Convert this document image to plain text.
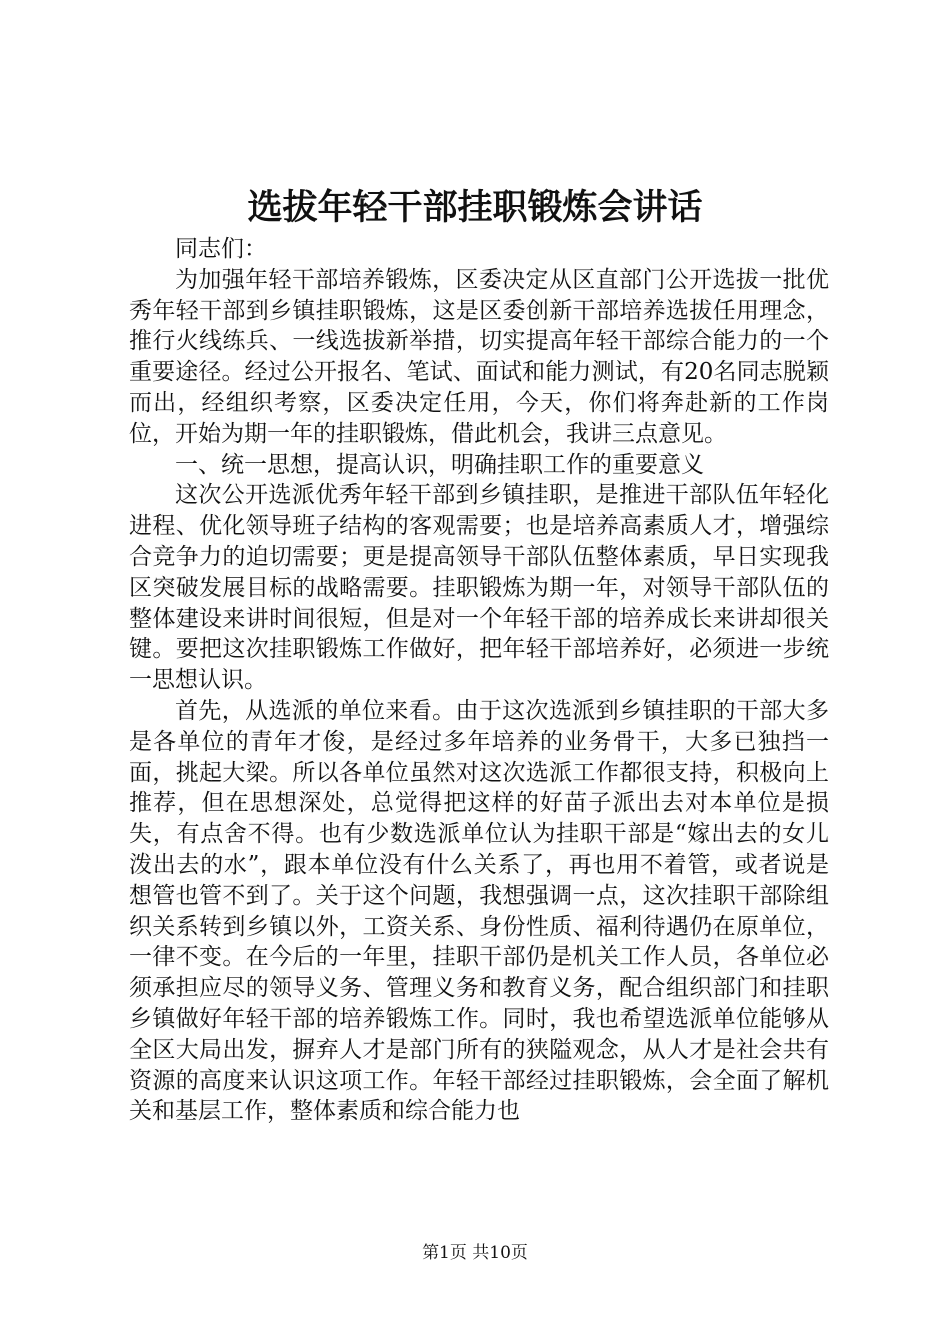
选拔年轻干部挂职锻炼会讲话

同志们：

为加强年轻干部培养锻炼，区委决定从区直部门公开选拔一批优秀年轻干部到乡镇挂职锻炼，这是区委创新干部培养选拔任用理念，推行火线练兵、一线选拔新举措，切实提高年轻干部综合能力的一个重要途径。经过公开报名、笔试、面试和能力测试，有20名同志脱颖而出，经组织考察，区委决定任用，今天，你们将奔赴新的工作岗位，开始为期一年的挂职锻炼，借此机会，我讲三点意见。

一、统一思想，提高认识，明确挂职工作的重要意义

这次公开选派优秀年轻干部到乡镇挂职，是推进干部队伍年轻化进程、优化领导班子结构的客观需要；也是培养高素质人才，增强综合竞争力的迫切需要；更是提高领导干部队伍整体素质，早日实现我区突破发展目标的战略需要。挂职锻炼为期一年，对领导干部队伍的整体建设来讲时间很短，但是对一个年轻干部的培养成长来讲却很关键。要把这次挂职锻炼工作做好，把年轻干部培养好，必须进一步统一思想认识。

首先，从选派的单位来看。由于这次选派到乡镇挂职的干部大多是各单位的青年才俊，是经过多年培养的业务骨干，大多已独挡一面，挑起大梁。所以各单位虽然对这次选派工作都很支持，积极向上推荐，但在思想深处，总觉得把这样的好苗子派出去对本单位是损失，有点舍不得。也有少数选派单位认为挂职干部是“嫁出去的女儿泼出去的水”，跟本单位没有什么关系了，再也用不着管，或者说是想管也管不到了。关于这个问题，我想强调一点，这次挂职干部除组织关系转到乡镇以外，工资关系、身份性质、福利待遇仍在原单位，一律不变。在今后的一年里，挂职干部仍是机关工作人员，各单位必须承担应尽的领导义务、管理义务和教育义务，配合组织部门和挂职乡镇做好年轻干部的培养锻炼工作。同时，我也希望选派单位能够从全区大局出发，摒弃人才是部门所有的狭隘观念，从人才是社会共有资源的高度来认识这项工作。年轻干部经过挂职锻炼，会全面了解机关和基层工作，整体素质和综合能力也

第1页 共10页
